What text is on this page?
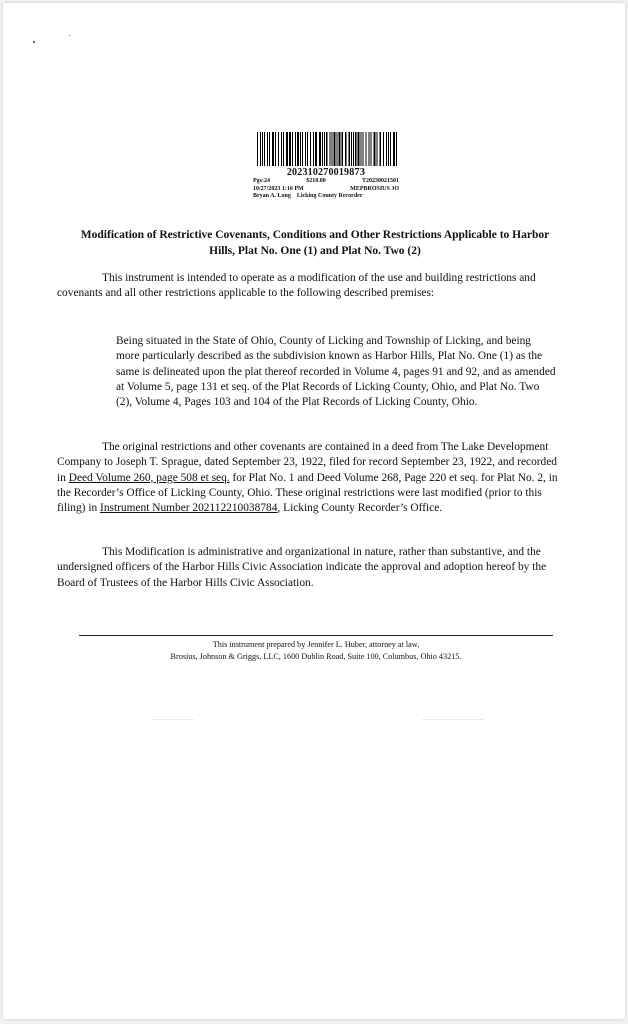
20231027001987З
Pgs:24	$218.00	T20230021501
10/27/2023 1:16 PM	MEPBROSIUS JO
Bryan A. Long Licking County Recorder
Modification of Restrictive Covenants, Conditions and Other Restrictions Applicable to Harbor Hills, Plat No. One (1) and Plat No. Two (2)
This instrument is intended to operate as a modification of the use and building restrictions and covenants and all other restrictions applicable to the following described premises:
Being situated in the State of Ohio, County of Licking and Township of Licking, and being more particularly described as the subdivision known as Harbor Hills, Plat No. One (1) as the same is delineated upon the plat thereof recorded in Volume 4, pages 91 and 92, and as amended at Volume 5, page 131 et seq. of the Plat Records of Licking County, Ohio, and Plat No. Two (2), Volume 4, Pages 103 and 104 of the Plat Records of Licking County, Ohio.
The original restrictions and other covenants are contained in a deed from The Lake Development Company to Joseph T. Sprague, dated September 23, 1922, filed for record September 23, 1922, and recorded in Deed Volume 260, page 508 et seq. for Plat No. 1 and Deed Volume 268, Page 220 et seq. for Plat No. 2, in the Recorder’s Office of Licking County, Ohio. These original restrictions were last modified (prior to this filing) in Instrument Number 202112210038784, Licking County Recorder’s Office.
This Modification is administrative and organizational in nature, rather than substantive, and the undersigned officers of the Harbor Hills Civic Association indicate the approval and adoption hereof by the Board of Trustees of the Harbor Hills Civic Association.
This instrument prepared by Jennifer L. Huber, attorney at law,
Brosius, Johnson & Griggs, LLC, 1600 Dublin Road, Suite 100, Columbus, Ohio 43215.
